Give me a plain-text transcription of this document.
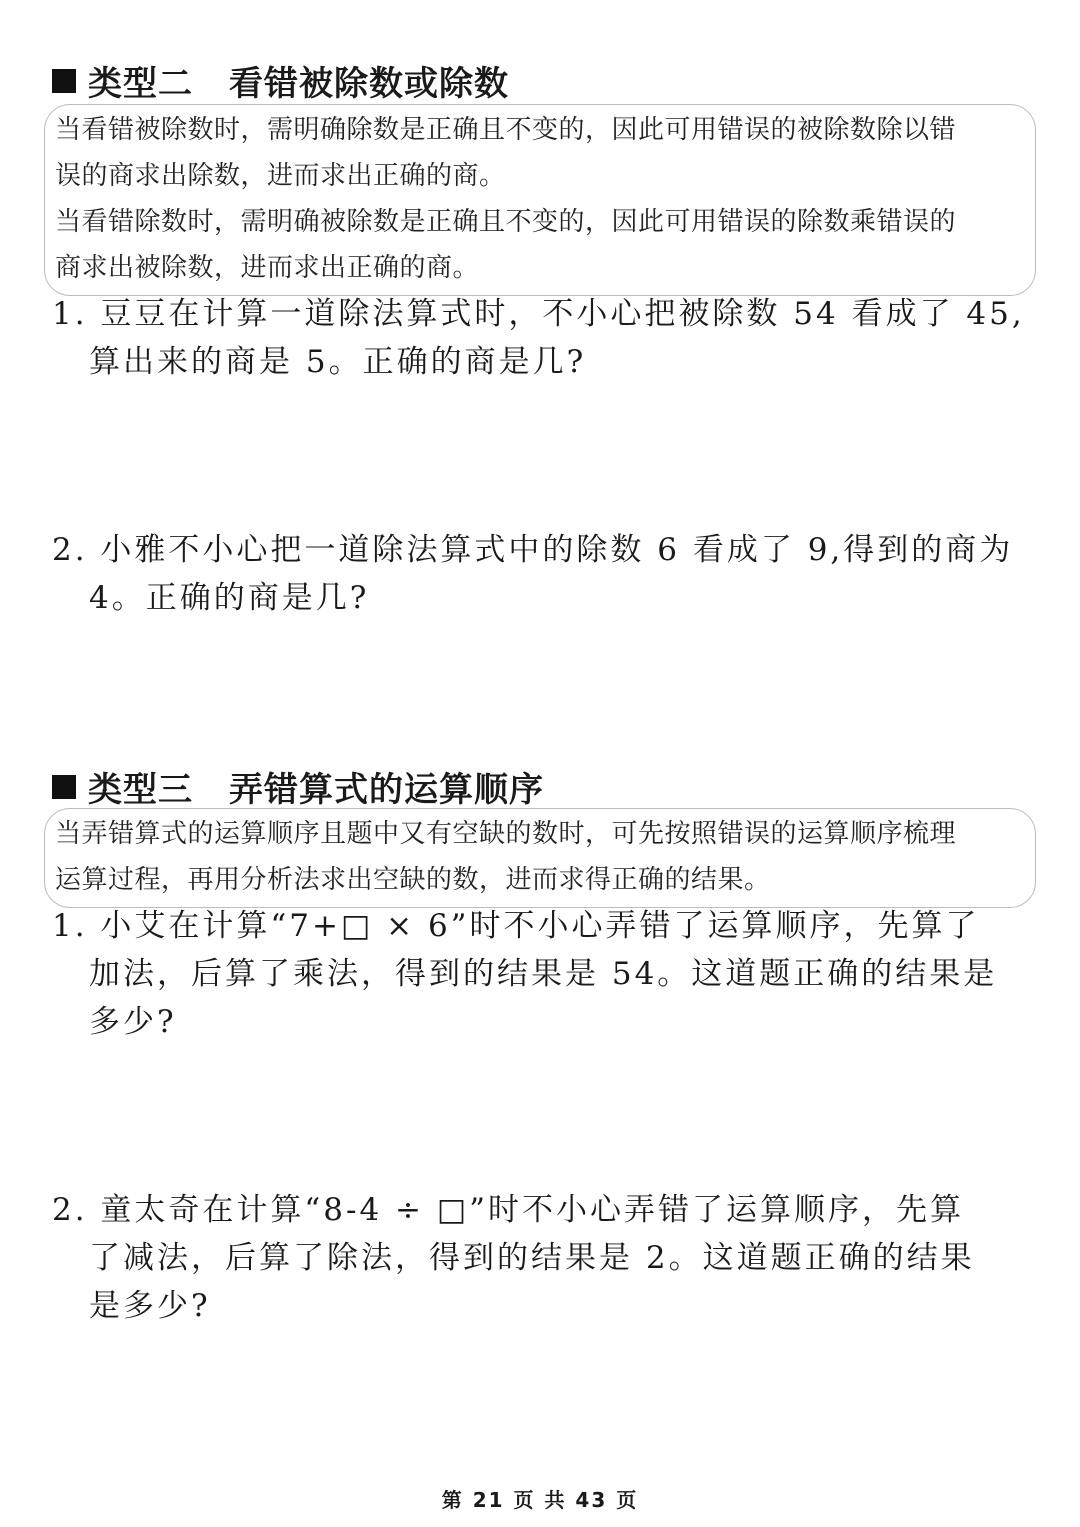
类型二 看错被除数或除数
当看错被除数时，需明确除数是正确且不变的，因此可用错误的被除数除以错
误的商求出除数，进而求出正确的商。
当看错除数时，需明确被除数是正确且不变的，因此可用错误的除数乘错误的
商求出被除数，进而求出正确的商。
1. 豆豆在计算一道除法算式时，不小心把被除数 54 看成了 45,
算出来的商是 5。正确的商是几?
2. 小雅不小心把一道除法算式中的除数 6 看成了 9,得到的商为
4。正确的商是几?
类型三 弄错算式的运算顺序
当弄错算式的运算顺序且题中又有空缺的数时，可先按照错误的运算顺序梳理
运算过程，再用分析法求出空缺的数，进而求得正确的结果。
1. 小艾在计算“7+□ × 6”时不小心弄错了运算顺序，先算了
加法，后算了乘法，得到的结果是 54。这道题正确的结果是
多少?
2. 童太奇在计算“8-4 ÷ □”时不小心弄错了运算顺序，先算
了减法，后算了除法，得到的结果是 2。这道题正确的结果
是多少?
第 21 页 共 43 页
